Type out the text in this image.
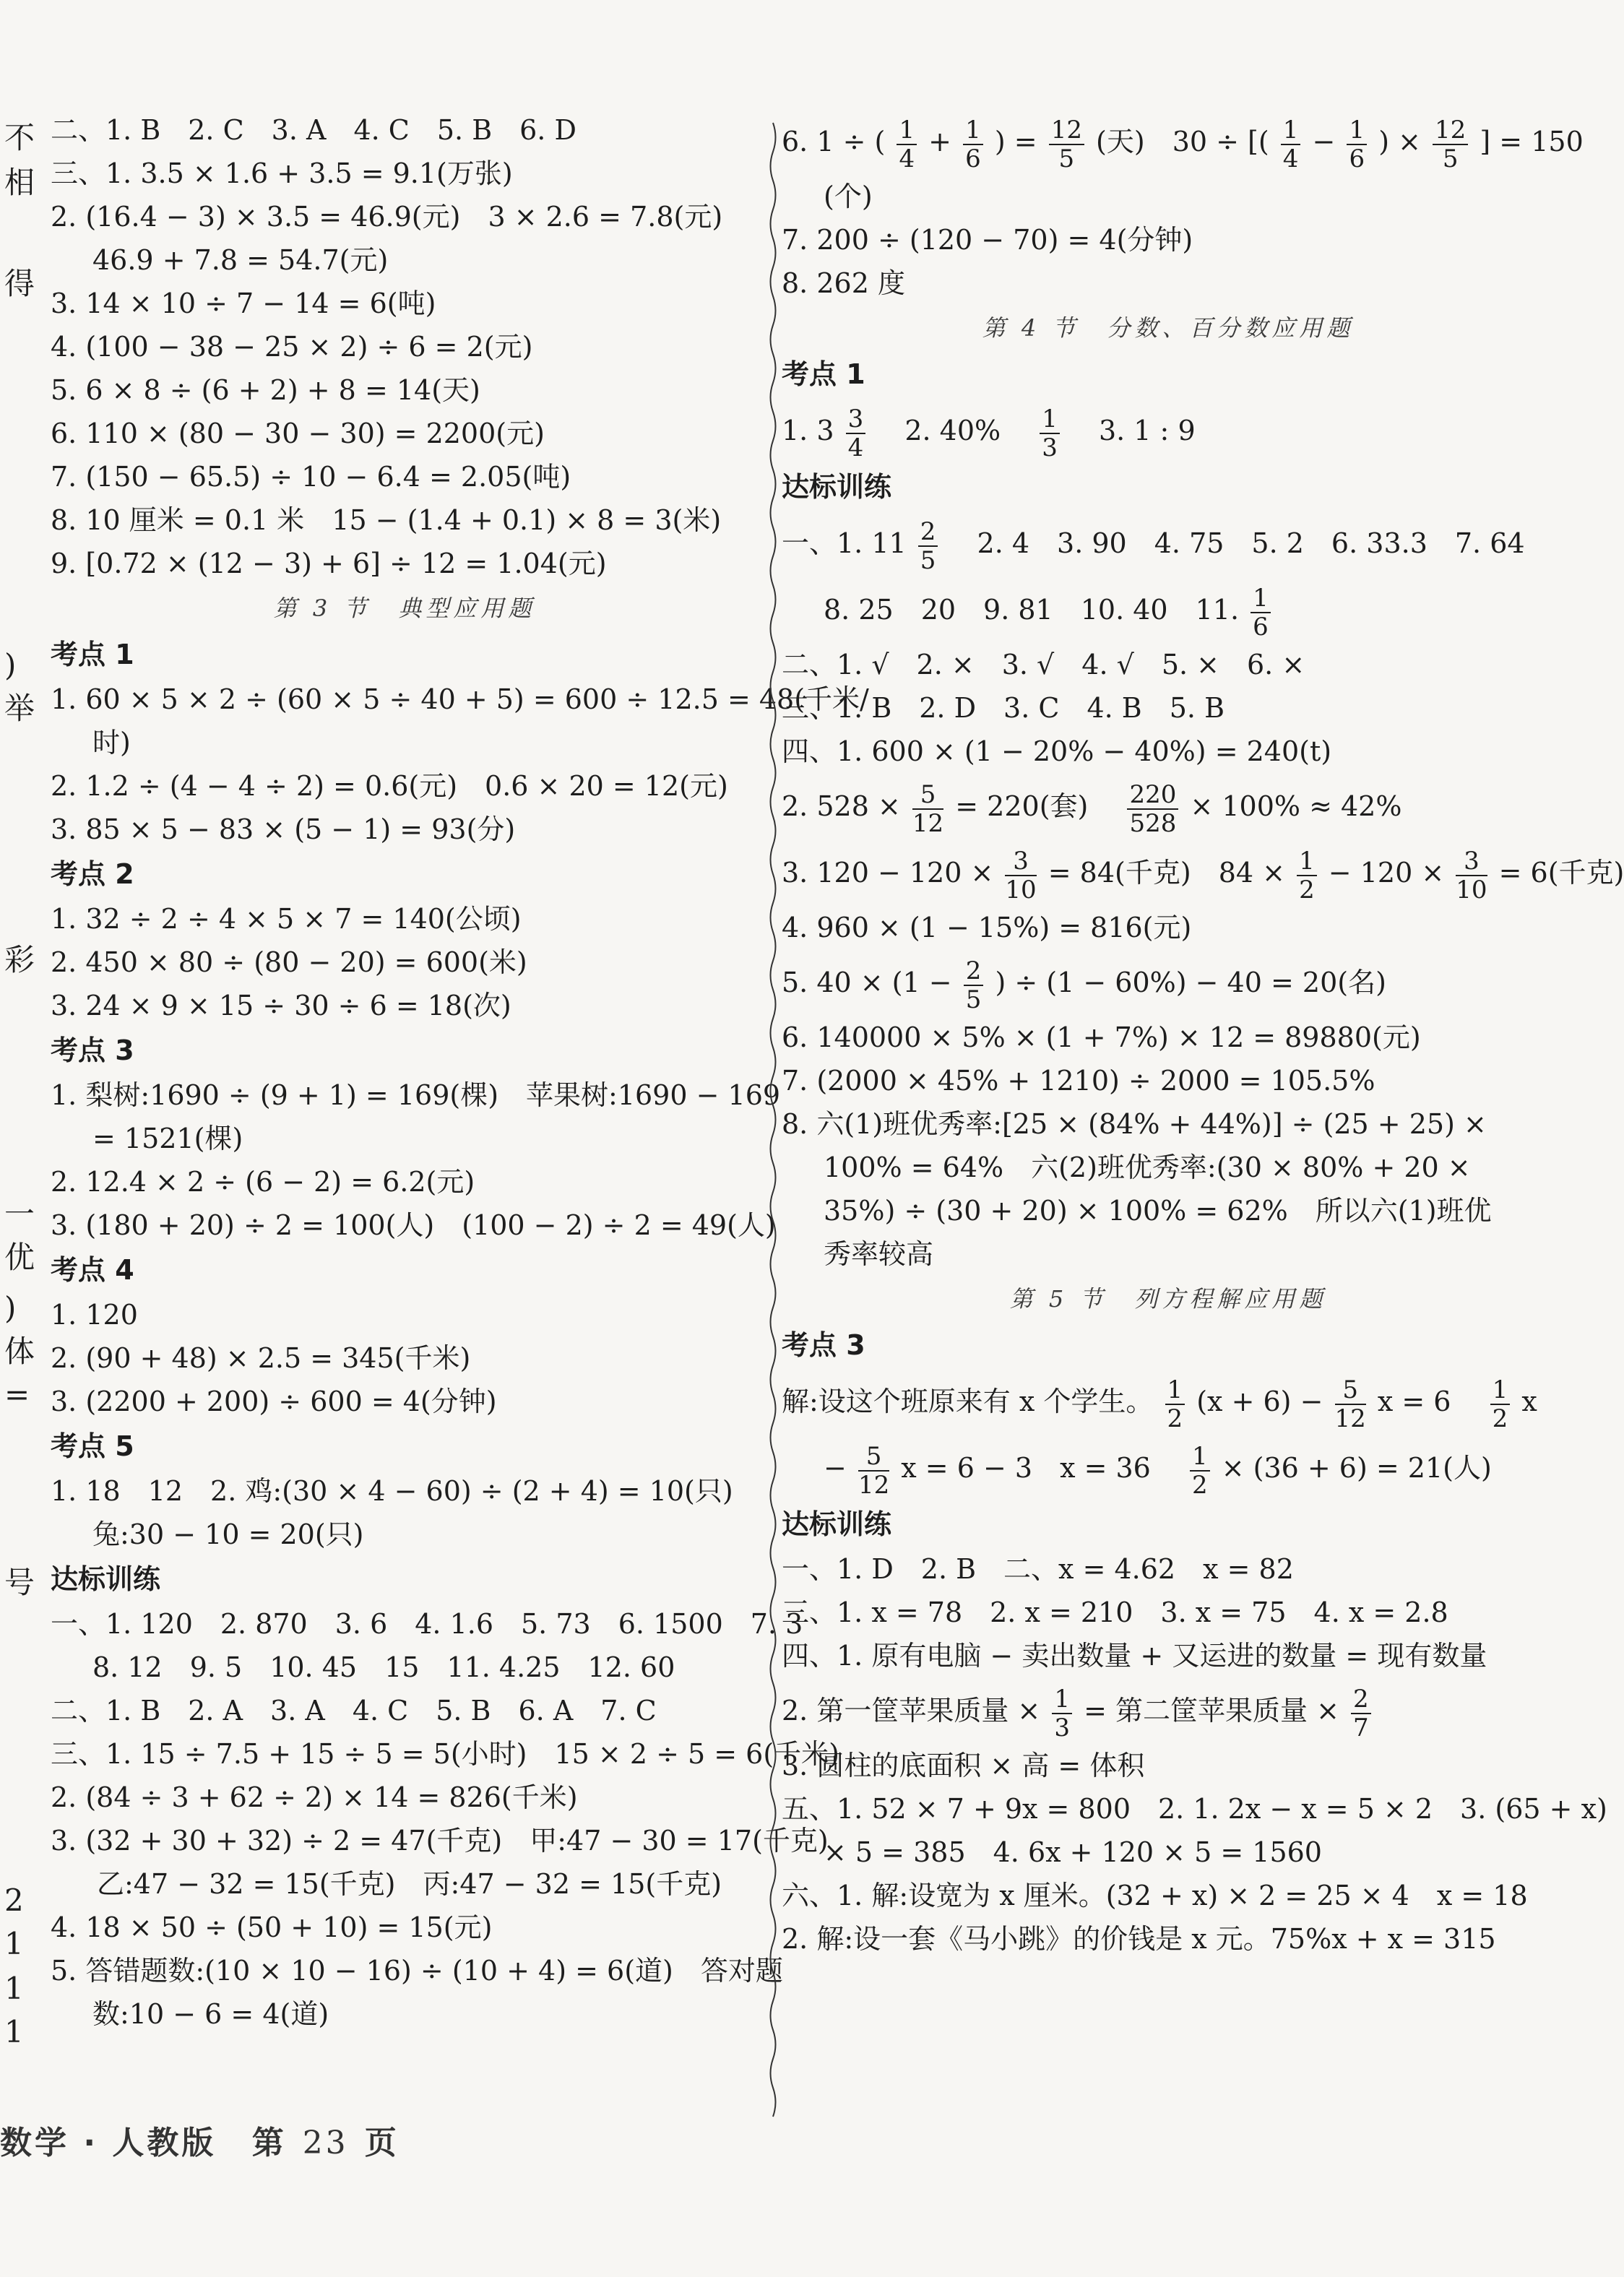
不
相
得
)
举
彩
一
优
)
体
=
号
2
1
1
1
二、1. B　2. C　3. A　4. C　5. B　6. D
三、1. 3.5 × 1.6 + 3.5 = 9.1(万张)
2. (16.4 − 3) × 3.5 = 46.9(元)　3 × 2.6 = 7.8(元)
46.9 + 7.8 = 54.7(元)
3. 14 × 10 ÷ 7 − 14 = 6(吨)
4. (100 − 38 − 25 × 2) ÷ 6 = 2(元)
5. 6 × 8 ÷ (6 + 2) + 8 = 14(天)
6. 110 × (80 − 30 − 30) = 2200(元)
7. (150 − 65.5) ÷ 10 − 6.4 = 2.05(吨)
8. 10 厘米 = 0.1 米　15 − (1.4 + 0.1) × 8 = 3(米)
9. [0.72 × (12 − 3) + 6] ÷ 12 = 1.04(元)
第 3 节　典型应用题
考点 1
1. 60 × 5 × 2 ÷ (60 × 5 ÷ 40 + 5) = 600 ÷ 12.5 = 48(千米/
时)
2. 1.2 ÷ (4 − 4 ÷ 2) = 0.6(元)　0.6 × 20 = 12(元)
3. 85 × 5 − 83 × (5 − 1) = 93(分)
考点 2
1. 32 ÷ 2 ÷ 4 × 5 × 7 = 140(公顷)
2. 450 × 80 ÷ (80 − 20) = 600(米)
3. 24 × 9 × 15 ÷ 30 ÷ 6 = 18(次)
考点 3
1. 梨树:1690 ÷ (9 + 1) = 169(棵)　苹果树:1690 − 169
= 1521(棵)
2. 12.4 × 2 ÷ (6 − 2) = 6.2(元)
3. (180 + 20) ÷ 2 = 100(人)　(100 − 2) ÷ 2 = 49(人)
考点 4
1. 120
2. (90 + 48) × 2.5 = 345(千米)
3. (2200 + 200) ÷ 600 = 4(分钟)
考点 5
1. 18　12　2. 鸡:(30 × 4 − 60) ÷ (2 + 4) = 10(只)
兔:30 − 10 = 20(只)
达标训练
一、1. 120　2. 870　3. 6　4. 1.6　5. 73　6. 1500　7. 3
8. 12　9. 5　10. 45　15　11. 4.25　12. 60
二、1. B　2. A　3. A　4. C　5. B　6. A　7. C
三、1. 15 ÷ 7.5 + 15 ÷ 5 = 5(小时)　15 × 2 ÷ 5 = 6(千米)
2. (84 ÷ 3 + 62 ÷ 2) × 14 = 826(千米)
3. (32 + 30 + 32) ÷ 2 = 47(千克)　甲:47 − 30 = 17(千克)
乙:47 − 32 = 15(千克)　丙:47 − 32 = 15(千克)
4. 18 × 50 ÷ (50 + 10) = 15(元)
5. 答错题数:(10 × 10 − 16) ÷ (10 + 4) = 6(道)　答对题
数:10 − 6 = 4(道)
6. 1 ÷ ( $\frac{1}{4} + \frac{1}{6}$ ) = $\frac{12}{5}$ (天)　30 ÷ [( $\frac{1}{4} - \frac{1}{6}$ ) × $\frac{12}{5}$ ] = 150
(个)
7. 200 ÷ (120 − 70) = 4(分钟)
8. 262 度
第 4 节　分数、百分数应用题
考点 1
1. $3 \frac{3}{4}$ 　2. 40%　 $\frac{1}{3}$ 　3. 1 : 9
达标训练
一、1. $11 \frac{2}{5}$ 　2. 4　3. 90　4. 75　5. 2　6. 33.3　7. 64
8. 25　20　9. 81　10. 40　11. $\frac{1}{6}$
二、1. √　2. ×　3. √　4. √　5. ×　6. ×
三、1. B　2. D　3. C　4. B　5. B
四、1. 600 × (1 − 20% − 40%) = 240(t)
2. $528 \times \frac{5}{12} = 220$(套)　 $\frac{220}{528} \times 100\% \approx 42\%$
3. $120 - 120 \times \frac{3}{10} = 84$(千克)　$84 \times \frac{1}{2} - 120 \times \frac{3}{10} = 6$(千克)
4. 960 × (1 − 15%) = 816(元)
5. $40 \times (1 - \frac{2}{5}$ ) ÷ (1 − 60%) − 40 = 20(名)
6. 140000 × 5% × (1 + 7%) × 12 = 89880(元)
7. (2000 × 45% + 1210) ÷ 2000 = 105.5%
8. 六(1)班优秀率:[25 × (84% + 44%)] ÷ (25 + 25) ×
100% = 64%　六(2)班优秀率:(30 × 80% + 20 ×
35%) ÷ (30 + 20) × 100% = 62%　所以六(1)班优
秀率较高
第 5 节　列方程解应用题
考点 3
解:设这个班原来有 x 个学生。 $\frac{1}{2} (x + 6) - \frac{5}{12}$ x = 6　 $\frac{1}{2}$ x
− $\frac{5}{12}$ x = 6 − 3　x = 36　 $\frac{1}{2} \times (36 + 6) = 21$(人)
达标训练
一、1. D　2. B　二、x = 4.62　x = 82
三、1. x = 78　2. x = 210　3. x = 75　4. x = 2.8
四、1. 原有电脑 − 卖出数量 + 又运进的数量 = 现有数量
2. 第一筐苹果质量 × $\frac{1}{3}$ = 第二筐苹果质量 × $\frac{2}{7}$
3. 圆柱的底面积 × 高 = 体积
五、1. 52 × 7 + 9x = 800　2. 1. 2x − x = 5 × 2　3. (65 + x)
× 5 = 385　4. 6x + 120 × 5 = 1560
六、1. 解:设宽为 x 厘米。(32 + x) × 2 = 25 × 4　x = 18
2. 解:设一套《马小跳》的价钱是 x 元。75%x + x = 315
数学 · 人教版 第 23 页
